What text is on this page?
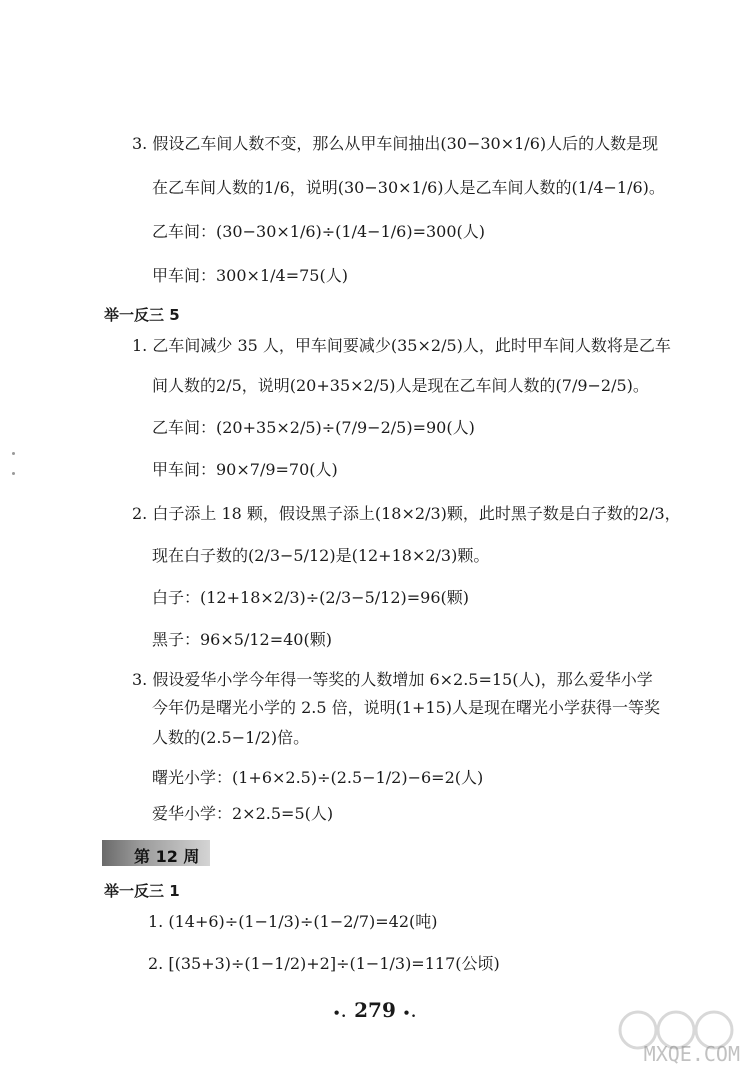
3. 假设乙车间人数不变，那么从甲车间抽出(30−30×1/6)人后的人数是现
在乙车间人数的1/6，说明(30−30×1/6)人是乙车间人数的(1/4−1/6)。
乙车间：(30−30×1/6)÷(1/4−1/6)=300(人)
甲车间：300×1/4=75(人)
举一反三 5
1. 乙车间减少 35 人，甲车间要减少(35×2/5)人，此时甲车间人数将是乙车
间人数的2/5，说明(20+35×2/5)人是现在乙车间人数的(7/9−2/5)。
乙车间：(20+35×2/5)÷(7/9−2/5)=90(人)
甲车间：90×7/9=70(人)
2. 白子添上 18 颗，假设黑子添上(18×2/3)颗，此时黑子数是白子数的2/3，
现在白子数的(2/3−5/12)是(12+18×2/3)颗。
白子：(12+18×2/3)÷(2/3−5/12)=96(颗)
黑子：96×5/12=40(颗)
3. 假设爱华小学今年得一等奖的人数增加 6×2.5=15(人)，那么爱华小学
今年仍是曙光小学的 2.5 倍，说明(1+15)人是现在曙光小学获得一等奖
人数的(2.5−1/2)倍。
曙光小学：(1+6×2.5)÷(2.5−1/2)−6=2(人)
爱华小学：2×2.5=5(人)
第 12 周
举一反三 1
1. (14+6)÷(1−1/3)÷(1−2/7)=42(吨)
2. [(35+3)÷(1−1/2)+2]÷(1−1/3)=117(公顷)
∙. 279 ∙.
MXQE.COM
